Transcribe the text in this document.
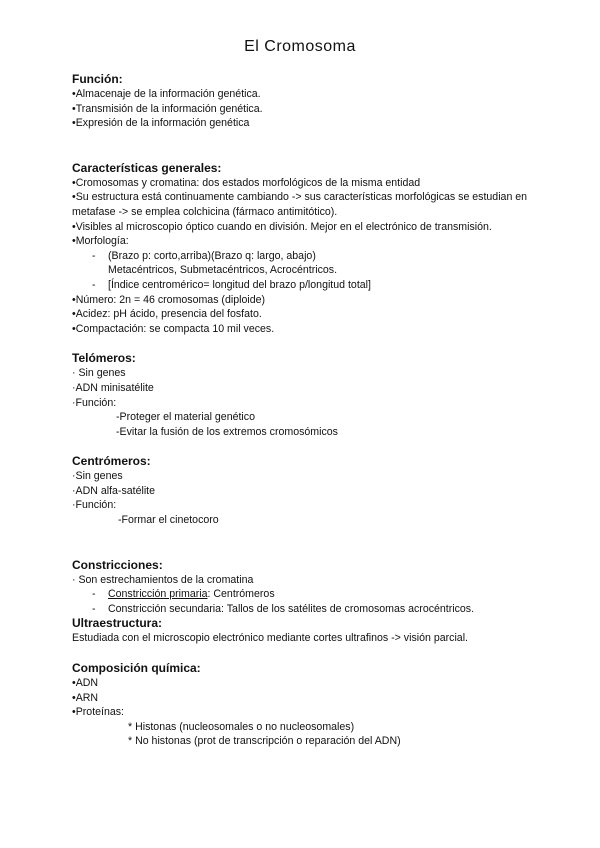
El Cromosoma
Función:
•Almacenaje de la información genética.
•Transmisión de la información genética.
•Expresión de la información genética
Características generales:
•Cromosomas y cromatina: dos estados morfológicos de la misma entidad
•Su estructura está continuamente cambiando -> sus características morfológicas se estudian en metafase -> se emplea colchicina (fármaco antimitótico).
•Visibles al microscopio óptico cuando en división. Mejor en el electrónico de transmisión.
•Morfología:
- (Brazo p: corto,arriba)(Brazo q: largo, abajo)
Metacéntricos, Submetacéntricos, Acrocéntricos.
- [Índice centromérico= longitud del brazo p/longitud total]
•Número: 2n = 46 cromosomas (diploide)
•Acidez: pH ácido, presencia del fosfato.
•Compactación: se compacta 10 mil veces.
Telómeros:
· Sin genes
·ADN minisatélite
·Función:
-Proteger el material genético
-Evitar la fusión de los extremos cromosómicos
Centrómeros:
·Sin genes
·ADN alfa-satélite
·Función:
-Formar el cinetocoro
Constricciones:
· Son estrechamientos de la cromatina
- Constricción primaria: Centrómeros
- Constricción secundaria: Tallos de los satélites de cromosomas acrocéntricos.
Ultraestructura:
Estudiada con el microscopio electrónico mediante cortes ultrafinos -> visión parcial.
Composición química:
•ADN
•ARN
•Proteínas:
* Histonas (nucleosomales o no nucleosomales)
* No histonas (prot de transcripción o reparación del ADN)
